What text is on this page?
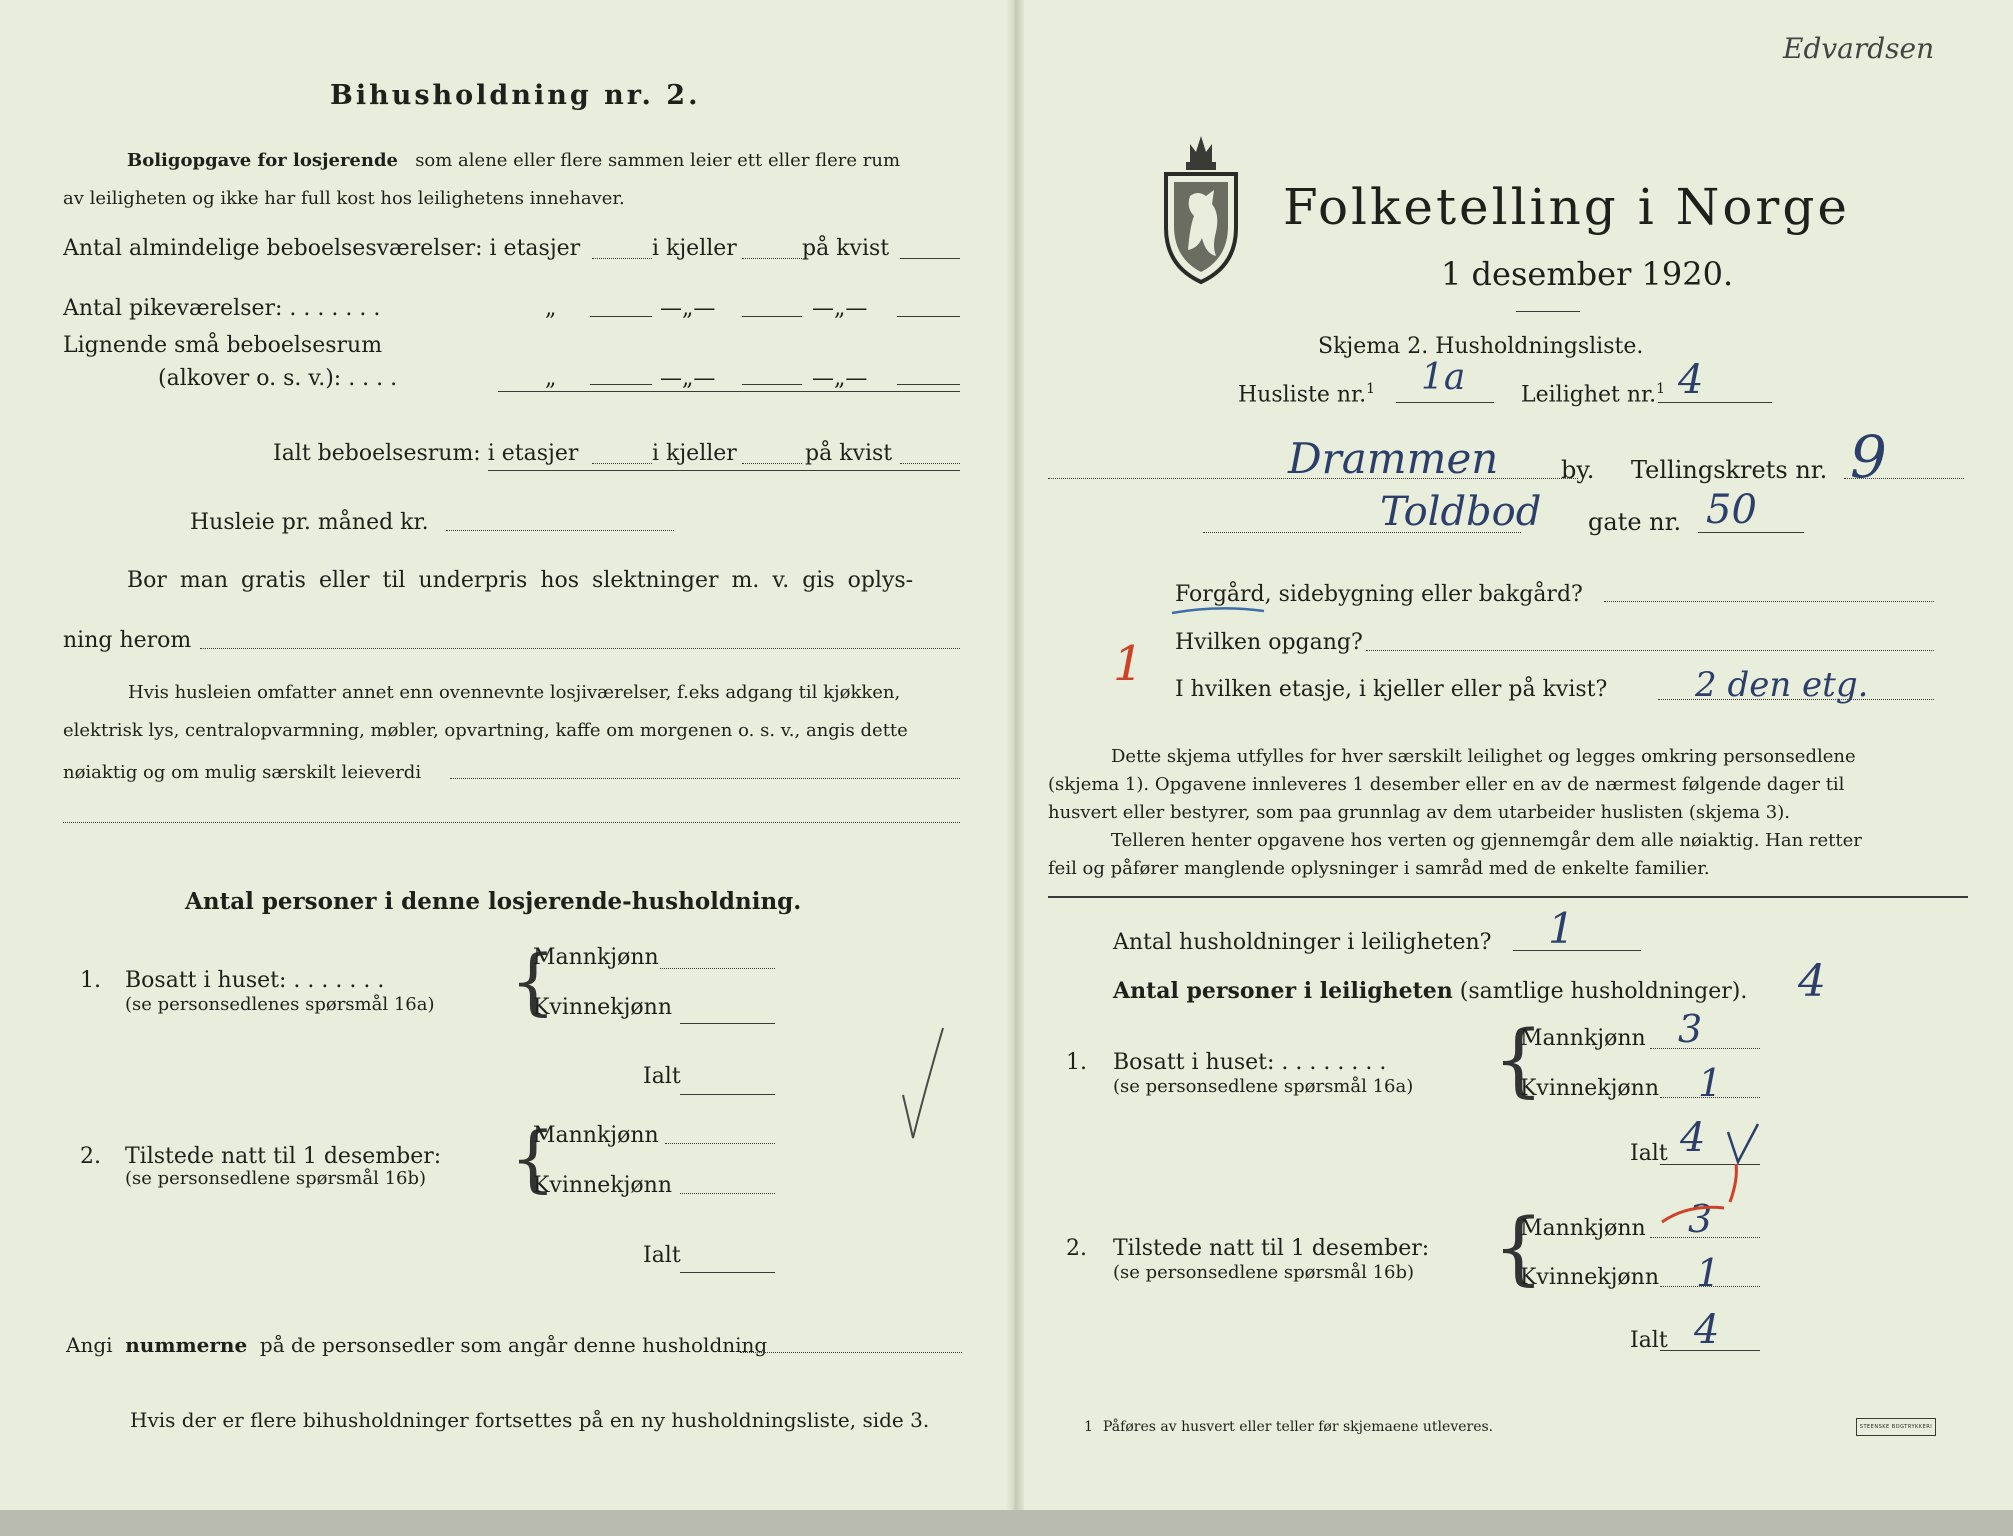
Bihusholdning nr. 2.
Boligopgave for losjerende som alene eller flere sammen leier ett eller flere rum
av leiligheten og ikke har full kost hos leilighetens innehaver.
Antal almindelige beboelsesværelser: i etasjer	i kjeller	på kvist
Antal pikeværelser: . . . . . . .	„	—„—	—„—
Lignende små beboelsesrum
(alkover o. s. v.): . . . .	„	—„—	—„—
Ialt beboelsesrum: i etasjer	i kjeller	på kvist
Husleie pr. måned kr.
Bor man gratis eller til underpris hos slektninger m. v. gis oplys-
ning herom
Hvis husleien omfatter annet enn ovennevnte losjiværelser, f.eks adgang til kjøkken,
elektrisk lys, centralopvarmning, møbler, opvartning, kaffe om morgenen o. s. v., angis dette
nøiaktig og om mulig særskilt leieverdi
Antal personer i denne losjerende-husholdning.
1. Bosatt i huset: . . . . . . .
(se personsedlenes spørsmål 16a) {
Mannkjønn
Kvinnekjønn
Ialt
2. Tilstede natt til 1 desember:
(se personsedlene spørsmål 16b) {
Mannkjønn
Kvinnekjønn
Ialt
Angi nummerne på de personsedler som angår denne husholdning
Hvis der er flere bihusholdninger fortsettes på en ny husholdningsliste, side 3.
Edvardsen
Folketelling i Norge
1 desember 1920.
Skjema 2. Husholdningsliste.
Husliste nr.$^1$ 1a	Leilighet nr.$^1$ 4
Drammen	by. Tellingskrets nr. 9
Toldbod gate nr. 50
Forgård, sidebygning eller bakgård?
Hvilken opgang?
1 I hvilken etasje, i kjeller eller på kvist?	2 den etg.
Dette skjema utfylles for hver særskilt leilighet og legges omkring personsedlene
(skjema 1). Opgavene innleveres 1 desember eller en av de nærmest følgende dager til
husvert eller bestyrer, som paa grunnlag av dem utarbeider huslisten (skjema 3).
Telleren henter opgavene hos verten og gjennemgår dem alle nøiaktig. Han retter
feil og påfører manglende oplysninger i samråd med de enkelte familier.
Antal husholdninger i leiligheten? 1
Antal personer i leiligheten (samtlige husholdninger). 4
1. Bosatt i huset: . . . . . . . .
(se personsedlene spørsmål 16a) {
Mannkjønn 3
Kvinnekjønn 1
Ialt 4
2. Tilstede natt til 1 desember:
(se personsedlene spørsmål 16b) {
Mannkjønn 3
Kvinnekjønn 1
Ialt 4
1 Påføres av husvert eller teller før skjemaene utleveres.	STEENSKE BOGTRYKKERI
